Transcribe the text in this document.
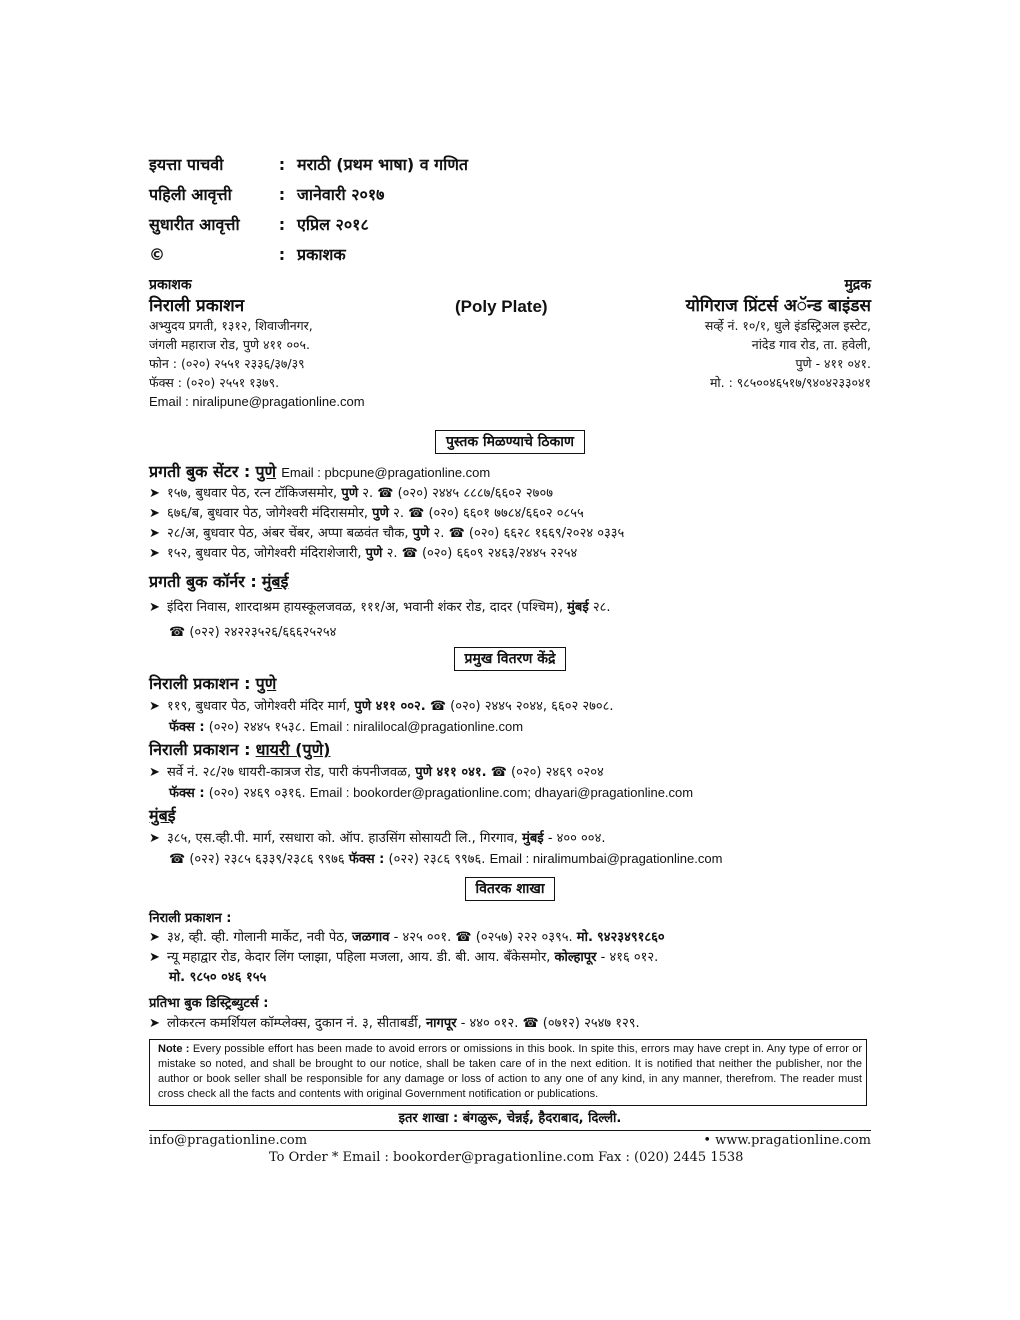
इयत्ता पाचवी	: मराठी (प्रथम भाषा) व गणित
पहिली आवृत्ती	: जानेवारी २०१७
सुधारीत आवृत्ती	: एप्रिल २०१८
©	: प्रकाशक
प्रकाशक
निराली प्रकाशन
अभ्युदय प्रगती, १३१२, शिवाजीनगर,
जंगली महाराज रोड, पुणे ४११ ००५.
फोन : (०२०) २५५१ २३३६/३७/३९
फॅक्स : (०२०) २५५१ १३७९.
Email : niralipune@pragationline.com
(Poly Plate)
मुद्रक
योगिराज प्रिंटर्स अॅन्ड बाइंडस
सर्व्हे नं. १०/१, धुले इंडस्ट्रिअल इस्टेट,
नांदेड गाव रोड, ता. हवेली,
पुणे - ४११ ०४१.
मो. : ९८५००४६५१७/९४०४२३३०४१
पुस्तक मिळण्याचे ठिकाण
प्रगती बुक सेंटर :
पुणे
Email : pbcpune@pragationline.com
➤ १५७, बुधवार पेठ, रत्न टॉकिजसमोर, पुणे २. ☎ (०२०) २४४५ ८८८७/६६०२ २७०७
➤ ६७६/ब, बुधवार पेठ, जोगेश्वरी मंदिरासमोर, पुणे २. ☎ (०२०) ६६०१ ७७८४/६६०२ ०८५५
➤ २८/अ, बुधवार पेठ, अंबर चेंबर, अप्पा बळवंत चौक, पुणे २. ☎ (०२०) ६६२८ १६६९/२०२४ ०३३५
➤ १५२, बुधवार पेठ, जोगेश्वरी मंदिराशेजारी, पुणे २. ☎ (०२०) ६६०९ २४६३/२४४५ २२५४
प्रगती बुक कॉर्नर :
मुंबई
➤ इंदिरा निवास, शारदाश्रम हायस्कूलजवळ, १११/अ, भवानी शंकर रोड, दादर (पश्चिम), मुंबई २८.
☎ (०२२) २४२२३५२६/६६६२५२५४
प्रमुख वितरण केंद्रे
निराली प्रकाशन :
पुणे
➤ ११९, बुधवार पेठ, जोगेश्वरी मंदिर मार्ग, पुणे ४११ ००२. ☎ (०२०) २४४५ २०४४, ६६०२ २७०८.
फॅक्स : (०२०) २४४५ १५३८. Email : niralilocal@pragationline.com
निराली प्रकाशन :
धायरी (पुणे)
➤ सर्वे नं. २८/२७ धायरी-कात्रज रोड, पारी कंपनीजवळ, पुणे ४११ ०४१. ☎ (०२०) २४६९ ०२०४
फॅक्स : (०२०) २४६९ ०३१६. Email : bookorder@pragationline.com; dhayari@pragationline.com
मुंबई
➤ ३८५, एस.व्ही.पी. मार्ग, रसधारा को. ऑप. हाउसिंग सोसायटी लि., गिरगाव, मुंबई - ४०० ००४.
☎ (०२२) २३८५ ६३३९/२३८६ ९९७६ फॅक्स : (०२२) २३८६ ९९७६. Email : niralimumbai@pragationline.com
वितरक शाखा
निराली प्रकाशन :
➤ ३४, व्ही. व्ही. गोलानी मार्केट, नवी पेठ, जळगाव - ४२५ ००१. ☎ (०२५७) २२२ ०३९५. मो. ९४२३४९१८६०
➤ न्यू महाद्वार रोड, केदार लिंग प्लाझा, पहिला मजला, आय. डी. बी. आय. बँकेसमोर, कोल्हापूर - ४१६ ०१२.
मो. ९८५० ०४६ १५५
प्रतिभा बुक डिस्ट्रिब्युटर्स :
➤ लोकरत्न कमर्शियल कॉम्प्लेक्स, दुकान नं. ३, सीताबर्डी, नागपूर - ४४० ०१२. ☎ (०७१२) २५४७ १२९.
Note : Every possible effort has been made to avoid errors or omissions in this book. In spite this, errors may have crept in. Any type of error or mistake so noted, and shall be brought to our notice, shall be taken care of in the next edition. It is notified that neither the publisher, nor the author or book seller shall be responsible for any damage or loss of action to any one of any kind, in any manner, therefrom. The reader must cross check all the facts and contents with original Government notification or publications.
इतर शाखा : बंगळुरू, चेन्नई, हैदराबाद, दिल्ली.
info@pragationline.com	• www.pragationline.com
To Order * Email : bookorder@pragationline.com Fax : (020) 2445 1538
